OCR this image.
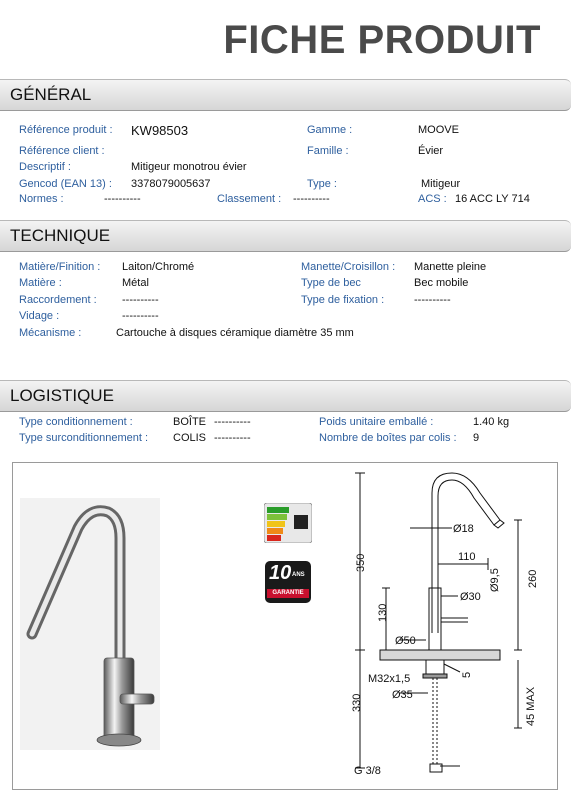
FICHE PRODUIT
GÉNÉRAL
Référence produit : KW98503
Référence client :
Descriptif :	Mitigeur monotrou évier
Gencod (EAN 13) : 3378079005637
Normes :	----------	Classement : ----------
Gamme :	MOOVE
Famille :	Évier
Type :	Mitigeur
ACS : 16 ACC LY 714
TECHNIQUE
Matière/Finition : Laiton/Chromé
Matière :	Métal
Raccordement : ----------
Vidage :	----------
Mécanisme :	Cartouche à disques céramique diamètre 35 mm
Manette/Croisillon : Manette pleine
Type de bec	Bec mobile
Type de fixation :	----------
LOGISTIQUE
Type conditionnement :	BOÎTE ----------
Type surconditionnement : COLIS ----------
Poids unitaire emballé :	1.40 kg
Nombre de boîtes par colis : 9
10 ANS
GARANTIE
Ø18
110
Ø9,5
Ø30
Ø50
M32x1,5	5
Ø35
350
260
130
330	45 MAX
G 3/8
